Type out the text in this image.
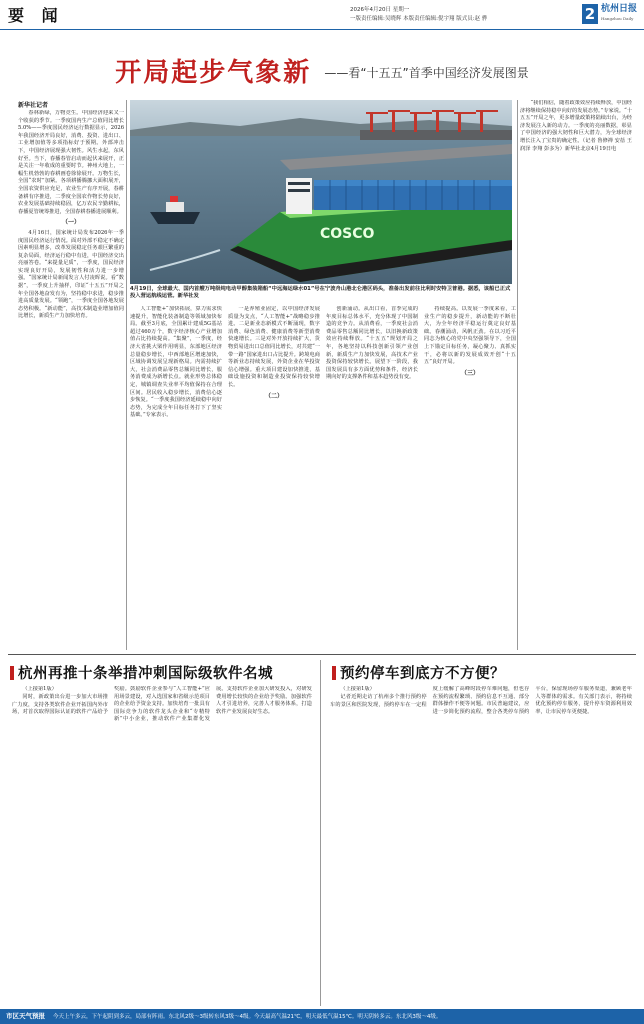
要 闻	2026年4月20日 星期一
一版责任编辑:吴晓辉 本版责任编辑:倪宇翔 版式员:赵 骅	2 杭州日报
Hangzhou Daily
开局起步气象新 $^{——看“十五五”首季中国经济发展图景}$
新华社记者

春林新绿，万物竞生。中国经济迎来又一个收获的季节。一季度国内生产总值同比增长5.0%——季度国民经济运行数据显示，2026年我国经济开局良好，消费、投资、进出口、工业增加值等多项指标好于预期。外部冲击下，中国经济展现强大韧性。风生水起，东风好至。当下，春播春管启动而起伏来展开，正是关注一年收成的重要时节。神州大地上，一幅生机勃勃的春耕画卷徐徐展开。万物生长，全国“农时”加紧。各项耕播腾挪大面积展开，全国农资供应充足，农业生产有序开展，春耕备耕有序推进，二季度全国农作物长势良好，农业发展基础持续稳固，亿万农民辛勤耕耘，春播夏管统筹推进，全国春耕春播进展顺利。

（一）

4月16日，国家统计局发布2026年一季度国民经济运行情况。面对外部不稳定不确定因素明显增多，改革发展稳定任务艰巨繁重的复杂局面，经济运行稳中有进，中国经济交出亮丽答卷。“来提量足质”，一季度，国民经济实现良好开局，发展韧性和活力进一步增强。“国家统计局新闻发言人付凌晖说。看“数据”，一季度上升抽样，印证“十五五”开局之年全国各地奋发有为，坚持稳中求进，稳步推进高质量发展。“领跑”，一季度全国各地发展态势积极。“新动能”，高技术制造业增加值同比增长，新质生产力加快培育。

COSCO
4月19日，全球最大、国内首艘万吨级纯电动甲醇集装箱船“中远海运绿水01”号在宁波舟山港北仑港区码头，准备出发前往比利时安特卫普港。据悉，该船已正式投入营运航线运营。新华社发

人工智能+“加快拓展，算力需求快速提升，智能化装备制造等领域加快布局。截至3月底，全国累计建成5G基站超过460万个，数字经济核心产业增加值占比持续提高。“集聚”，一季度，经济大省挑大梁作用明显，东部地区经济总量稳步增长，中西部地区增速加快，区域协调发展呈现新格局。内需持续扩大，社会消费品零售总额同比增长，服务消费成为新增长点。就业形势总体稳定，城镇调查失业率平均值保持在合理区间。居民收入稳步增长，消费信心逐步恢复。“一季度我国经济延续稳中向好态势，为完成全年目标任务打下了坚实基础。”专家表示。

一是养殖业固定，以中国经济发展质量为支点，“人工智能+”战略稳步推进。二是新业态新模式不断涌现，数字消费、绿色消费、健康消费等新型消费快速增长。三是对外开放持续扩大，货物贸易进出口总值同比增长，对共建“一带一路”国家进出口占比提升。跨境电商等新业态持续发展，外资企业在华投资信心增强。重大项目建设加快推进，基础设施投资和制造业投资保持较快增长。

（二）

创新涌动。从出口看，首季完成的年度目标总体水平，充分体现了中国制造的竞争力。从消费看，一季度社会消费品零售总额同比增长，以旧换新政策效应持续释放。“十五五”规划开局之年，各地坚持以科技创新引领产业创新，新质生产力加快发展，高技术产业投资保持较快增长。展望下一阶段，我国发展具有多方面优势和条件，经济长期向好的支撑条件和基本趋势没有变。

持续提高。以发展一季度来看，工业生产的稳步提升，新动能的不断壮大，为全年经济平稳运行奠定良好基础。春潮涌动，风帆正劲。在以习近平同志为核心的党中央坚强领导下，全国上下锚定目标任务，凝心聚力、真抓实干，必将以新的发展成效开创“十五五”良好开局。

（三）

“我们相信，随着政策效应持续释放，中国经济将继续保持稳中向好的发展态势。”专家说。“十五五”开局之年，更多增量政策将陆续出台，为经济发展注入新的动力。一季度的亮丽数据，彰显了中国经济的强大韧性和巨大潜力，为全球经济增长注入了宝贵的确定性。（记者 鲁修禅 安蓓 王润泽 李翔 彭多为）新华社北京4月19日电

杭州再推十条举措冲刺国际级软件名城

（上接第1版）

同时，新政策出台进一步加大市场推广力度，支持各类软件企业开拓国内外市场，对首次取得国际认证的软件产品给予奖励。鼓励软件企业参与“人工智能+”应用场景建设，对入选国家和省级示范项目的企业给予资金支持。加快培育一批具有国际竞争力的软件龙头企业和“专精特新”中小企业，推动软件产业集群化发展。支持软件企业加大研发投入，对研发费用增长较快的企业给予奖励。加强软件人才引进培养，完善人才服务体系，打造软件产业发展良好生态。

预约停车到底方不方便？

（上接第1版）

记者近期走访了杭州多个推行预约停车的景区和医院发现，预约停车在一定程度上缓解了高峰时段停车难问题，但也存在预约流程繁琐、预约信息不互通、部分群体操作不便等问题。市民普遍建议，应进一步简化预约流程，整合各类停车预约平台，保留现场停车服务渠道，兼顾老年人等群体的需求。有关部门表示，将持续优化预约停车服务，提升停车资源利用效率，让市民停车更便捷。

市区天气预报 今天上午多云，下午起阴到多云，局部有阵雨。东北风2级～3级转东风3级～4级。今天最高气温21℃，明天最低气温15℃。明天阴转多云。东北风3级～4级。
